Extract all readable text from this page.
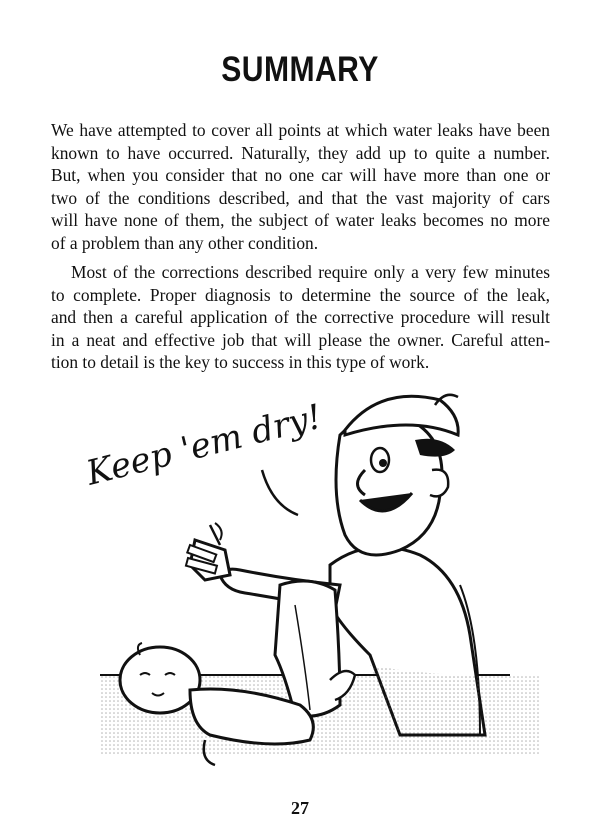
SUMMARY
We have attempted to cover all points at which water leaks have been
known to have occurred. Naturally, they add up to quite a number.
But, when you consider that no one car will have more than one or
two of the conditions described, and that the vast majority of cars
will have none of them, the subject of water leaks becomes no more
of a problem than any other condition.
Most of the corrections described require only a very few minutes
to complete. Proper diagnosis to determine the source of the leak,
and then a careful application of the corrective procedure will result
in a neat and effective job that will please the owner. Careful atten-
tion to detail is the key to success in this type of work.
Keep 'em dry!
27
